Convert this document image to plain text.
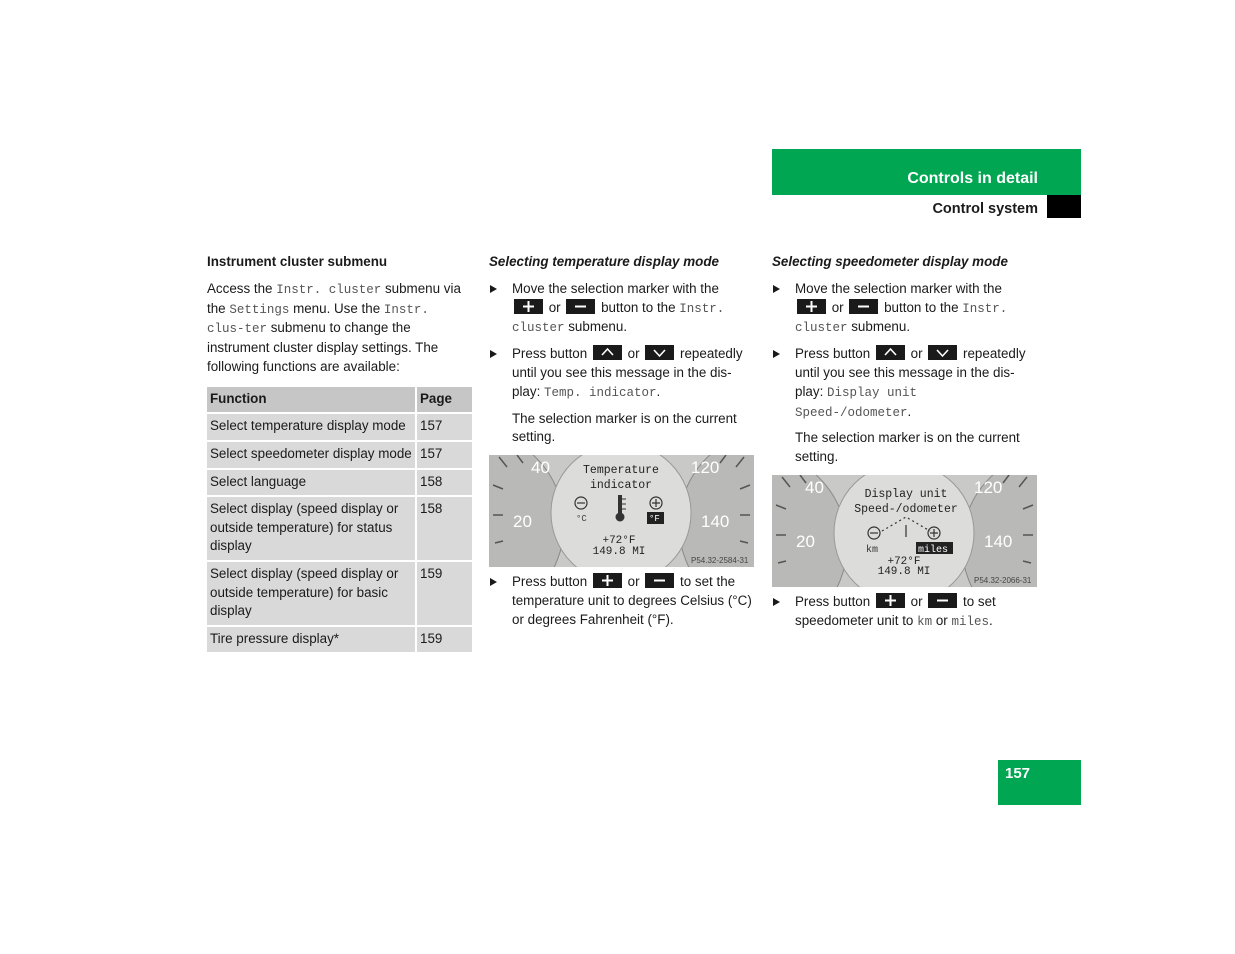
Controls in detail
Control system
Instrument cluster submenu

Access the Instr. cluster submenu via the Settings menu. Use the Instr. clus-ter submenu to change the instrument cluster display settings. The following functions are available:

Function	Page
Select temperature display mode	157
Select speedometer display mode	157
Select language	158
Select display (speed display or outside temperature) for status display	158
Select display (speed display or outside temperature) for basic display	159
Tire pressure display*	159
Selecting temperature display mode
Move the selection marker with the
or	button to the Instr. cluster submenu.
Press button	or	repeatedly until you see this message in the dis-play: Temp. indicator.

The selection marker is on the current setting.

40
20
120
140
Temperature
indicator
°C	°F
+72°F
149.8 MI
P54.32-2584-31
Press button	or	to set the temperature unit to degrees Celsius (°C) or degrees Fahrenheit (°F).
Selecting speedometer display mode
Move the selection marker with the
or	button to the Instr. cluster submenu.
Press button	or	repeatedly until you see this message in the dis-play: Display unit Speed-/odometer.

The selection marker is on the current setting.

40
20
120
140
Display unit
Speed-/odometer
km	miles
+72°F
149.8 MI
P54.32-2066-31
Press button	or	to set speedometer unit to km or miles.
157
